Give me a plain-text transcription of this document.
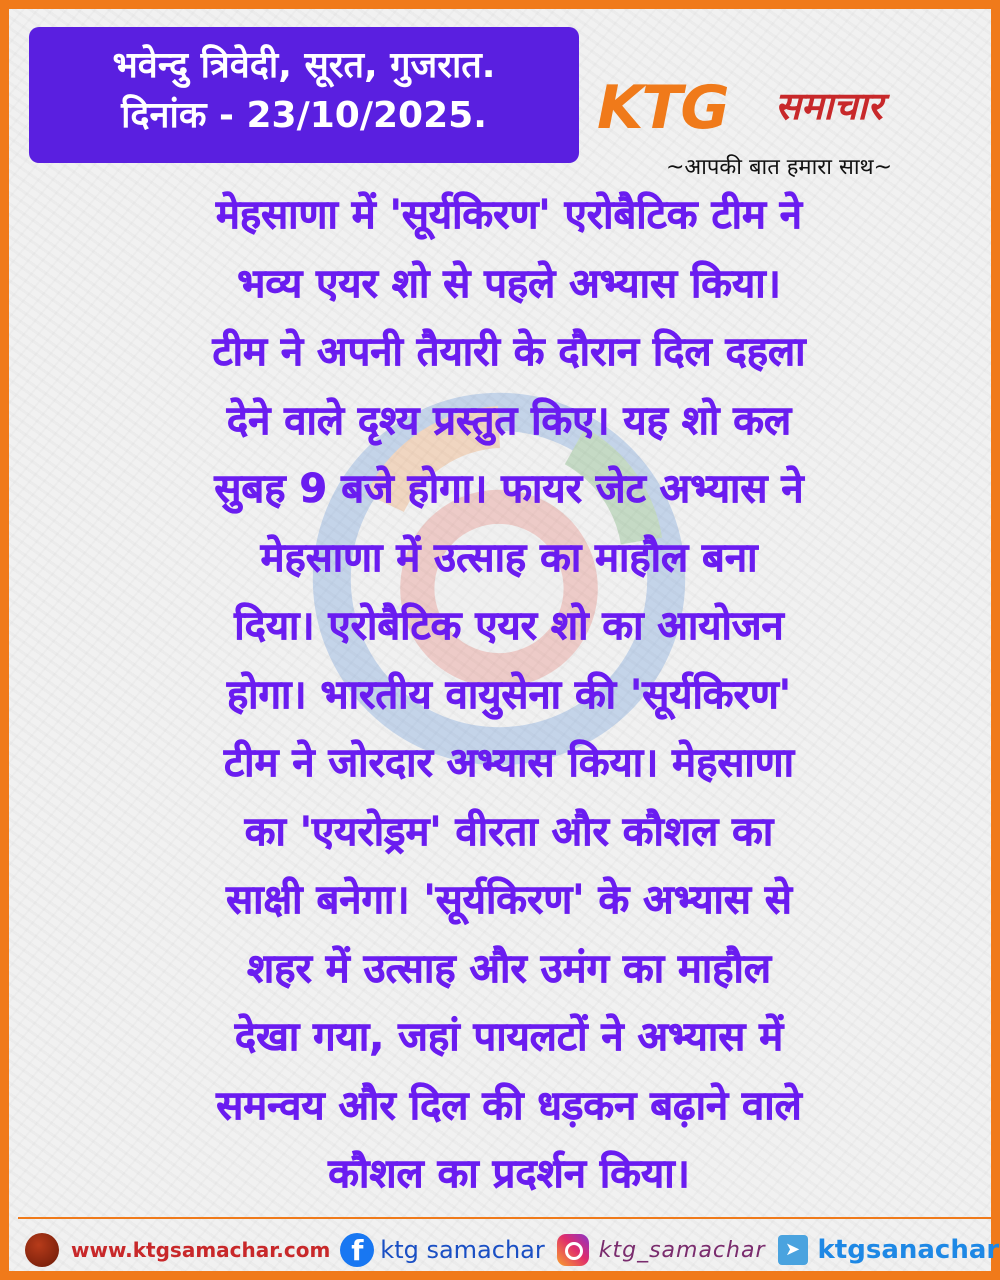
भवेन्दु त्रिवेदी, सूरत, गुजरात.
दिनांक - 23/10/2025.	KTG समाचार
~आपकी बात हमारा साथ~
मेहसाणा में 'सूर्यकिरण' एरोबैटिक टीम ने
भव्य एयर शो से पहले अभ्यास किया।
टीम ने अपनी तैयारी के दौरान दिल दहला
देने वाले दृश्य प्रस्तुत किए। यह शो कल
सुबह 9 बजे होगा। फायर जेट अभ्यास ने
मेहसाणा में उत्साह का माहौल बना
दिया। एरोबैटिक एयर शो का आयोजन
होगा। भारतीय वायुसेना की 'सूर्यकिरण'
टीम ने जोरदार अभ्यास किया। मेहसाणा
का 'एयरोड्रम' वीरता और कौशल का
साक्षी बनेगा। 'सूर्यकिरण' के अभ्यास से
शहर में उत्साह और उमंग का माहौल
देखा गया, जहां पायलटों ने अभ्यास में
समन्वय और दिल की धड़कन बढ़ाने वाले
कौशल का प्रदर्शन किया।
www.ktgsamachar.com f ktg samachar ktg_samachar	➤ ktgsanachar
